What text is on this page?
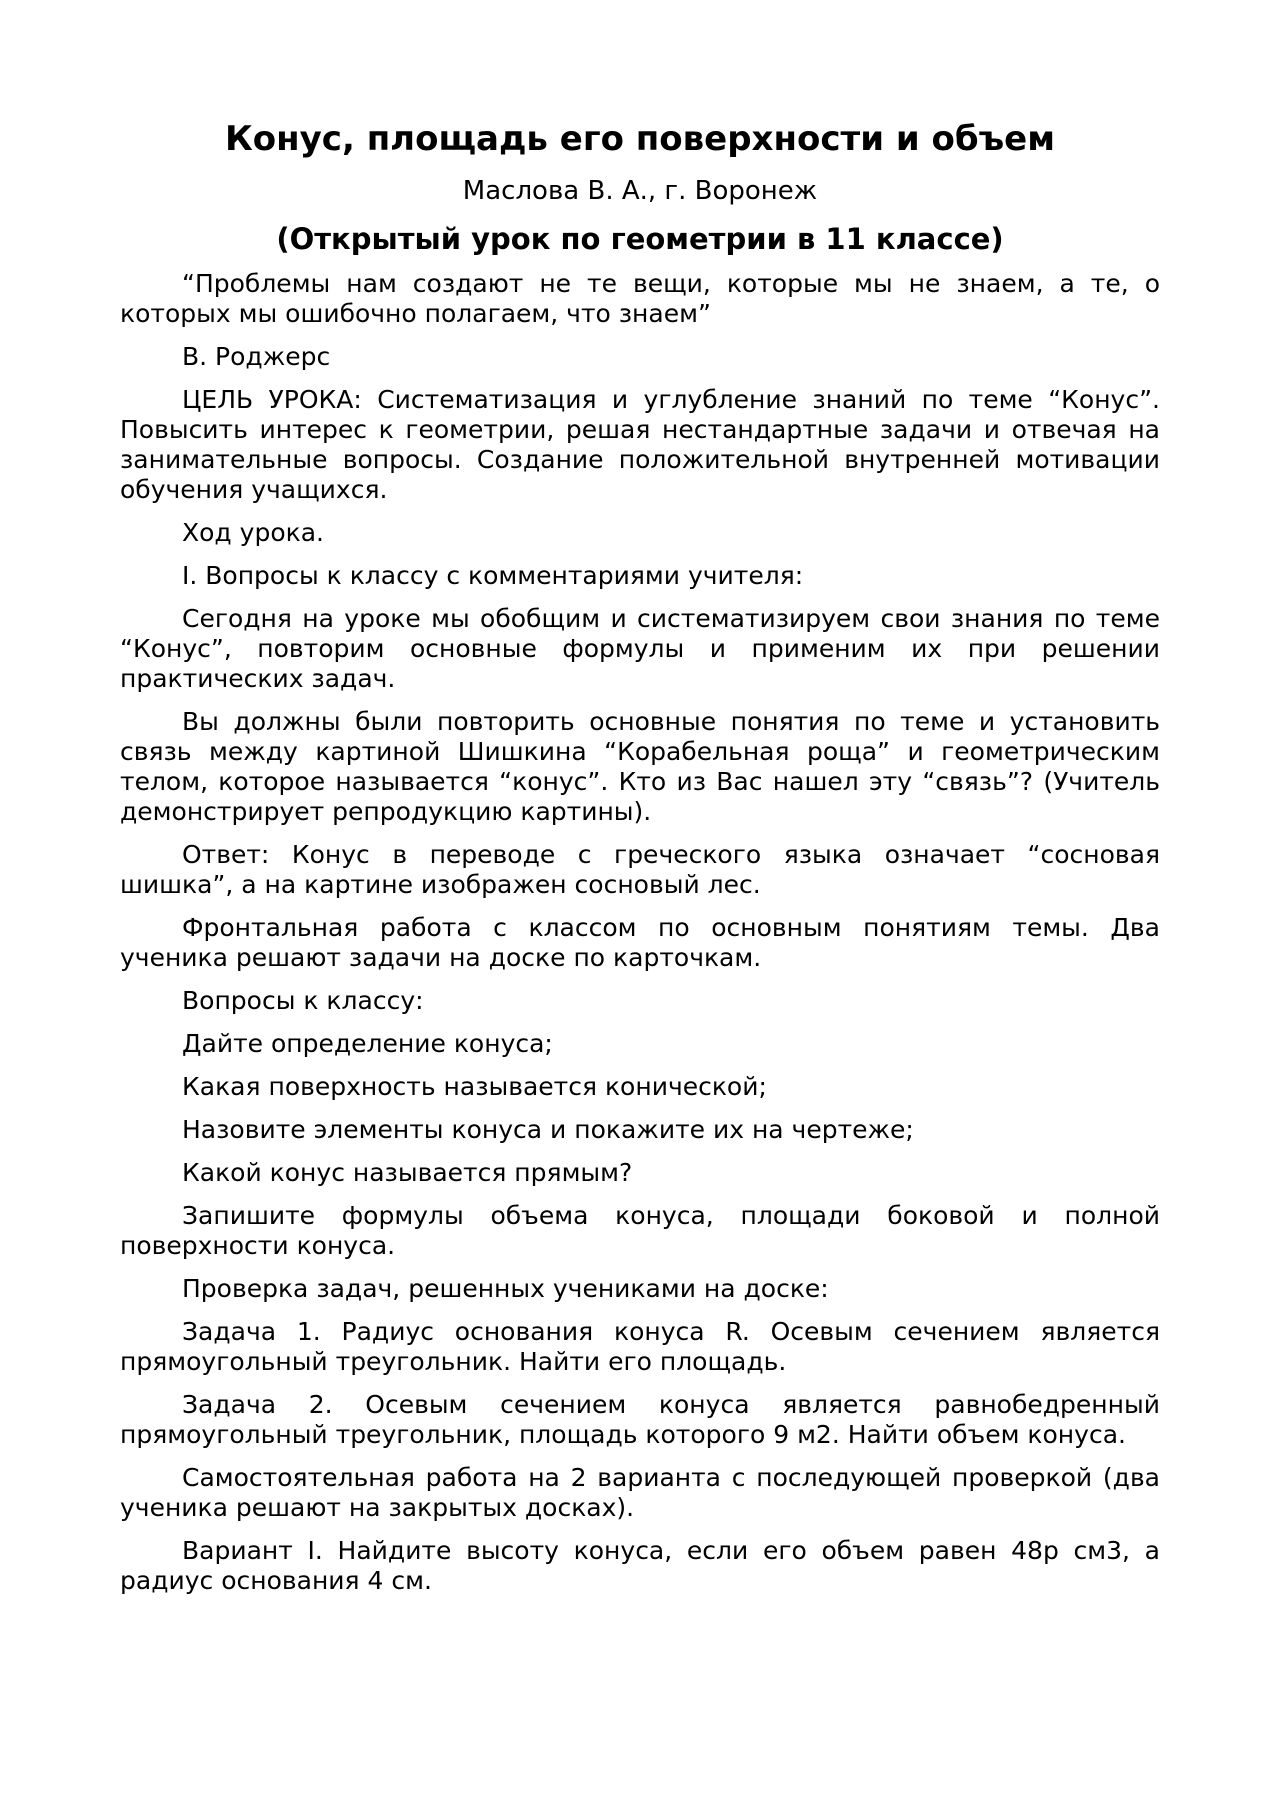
Конус, площадь его поверхности и объем
Маслова В. А., г. Воронеж
(Открытый урок по геометрии в 11 классе)

“Проблемы нам создают не те вещи, которые мы не знаем, а те, о которых мы ошибочно полагаем, что знаем”

В. Роджерс

ЦЕЛЬ УРОКА: Систематизация и углубление знаний по теме “Конус”. Повысить интерес к геометрии, решая нестандартные задачи и отвечая на занимательные вопросы. Создание положительной внутренней мотивации обучения учащихся.

Ход урока.

I. Вопросы к классу с комментариями учителя:

Сегодня на уроке мы обобщим и систематизируем свои знания по теме “Конус”, повторим основные формулы и применим их при решении практических задач.

Вы должны были повторить основные понятия по теме и установить связь между картиной Шишкина “Корабельная роща” и геометрическим телом, которое называется “конус”. Кто из Вас нашел эту “связь”? (Учитель демонстрирует репродукцию картины).

Ответ: Конус в переводе с греческого языка означает “сосновая шишка”, а на картине изображен сосновый лес.

Фронтальная работа с классом по основным понятиям темы. Два ученика решают задачи на доске по карточкам.

Вопросы к классу:

Дайте определение конуса;

Какая поверхность называется конической;

Назовите элементы конуса и покажите их на чертеже;

Какой конус называется прямым?

Запишите формулы объема конуса, площади боковой и полной поверхности конуса.

Проверка задач, решенных учениками на доске:

Задача 1. Радиус основания конуса R. Осевым сечением является прямоугольный треугольник. Найти его площадь.

Задача 2. Осевым сечением конуса является равнобедренный прямоугольный треугольник, площадь которого 9 м2. Найти объем конуса.

Самостоятельная работа на 2 варианта с последующей проверкой (два ученика решают на закрытых досках).

Вариант I. Найдите высоту конуса, если его объем равен 48р см3, а радиус основания 4 см.
